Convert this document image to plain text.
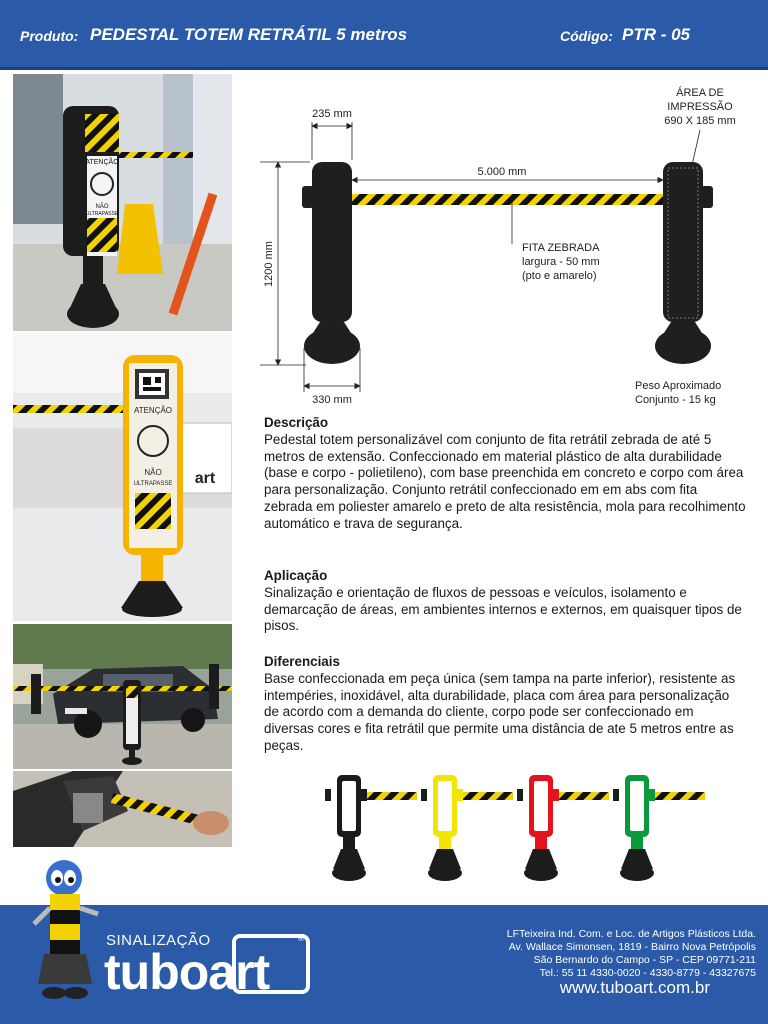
Produto: PEDESTAL TOTEM RETRÁTIL 5 metros	Código: PTR - 05
ATENÇÃO
NÃO
ULTRAPASSE
art
ATENÇÃO
NÃO
ULTRAPASSE
235 mm
1200 mm
330 mm
5.000 mm
ÁREA DE
IMPRESSÃO
690 X 185 mm
FITA ZEBRADA
largura - 50 mm
(pto e amarelo)
Peso Aproximado
Conjunto - 15 kg
Descrição

Pedestal totem personalizável com conjunto de fita retrátil zebrada de até 5 metros de extensão. Confeccionado em material plástico de alta durabilidade (base e corpo - polietileno), com base preenchida em concreto e corpo com área para personalização. Conjunto retrátil confeccionado em em abs com fita zebrada em poliester amarelo e preto de alta resistência, mola para recolhimento automático e trava de segurança.

Aplicação

Sinalização e orientação de fluxos de pessoas e veículos, isolamento e demarcação de áreas, em ambientes internos e externos, em quaisquer tipos de pisos.

Diferenciais

Base confeccionada em peça única (sem tampa na parte inferior), resistente as intempéries, inoxidável, alta durabilidade, placa com área para personalização de acordo com a demanda do cliente, corpo pode ser confeccionado em diversas cores e fita retrátil que permite uma distância de ate 5 metros entre as peças.

SINALIZAÇÃO
tuboart
®	LFTeixeira Ind. Com. e Loc. de Artigos Plásticos Ltda.
Av. Wallace Simonsen, 1819 - Bairro Nova Petrópolis
São Bernardo do Campo - SP - CEP 09771-211
Tel.: 55 11 4330-0020 - 4330-8779 - 43327675
www.tuboart.com.br
